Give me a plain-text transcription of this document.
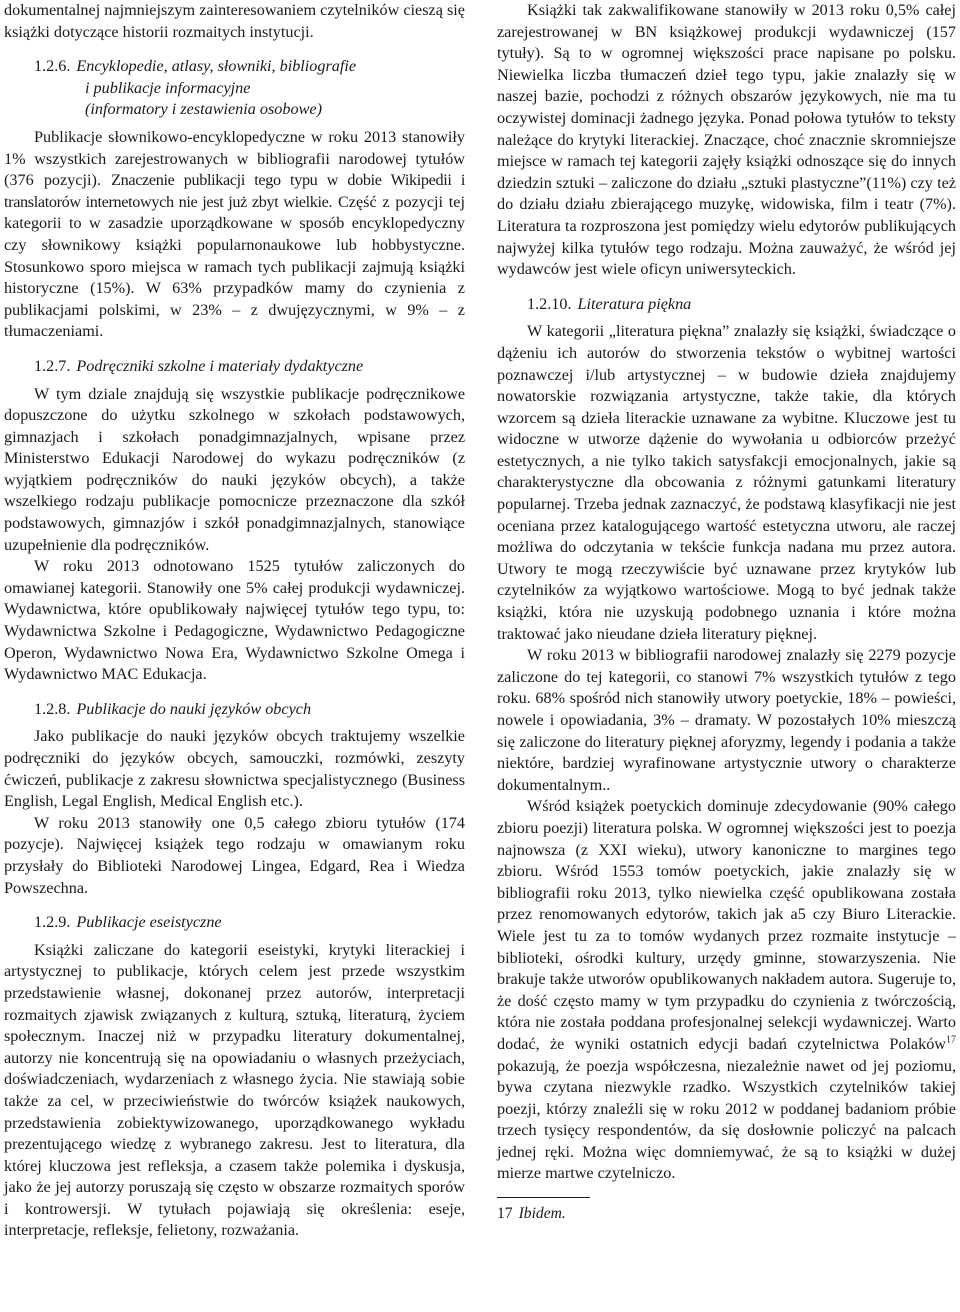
dokumentalnej najmniejszym zainteresowaniem czytelników cieszą się książki dotyczące historii rozmaitych instytucji.

1.2.6. Encyklopedie, atlasy, słowniki, bibliografie
i publikacje informacyjne
(informatory i zestawienia osobowe)

Publikacje słownikowo-encyklopedyczne w roku 2013 stanowiły 1% wszystkich zarejestrowanych w bibliografii narodowej tytułów (376 pozycji). Znaczenie publikacji tego typu w dobie Wikipedii i translatorów internetowych nie jest już zbyt wielkie. Część z pozycji tej kategorii to w zasadzie uporządkowane w sposób encyklopedyczny czy słownikowy książki popularnonaukowe lub hobbystyczne. Stosunkowo sporo miejsca w ramach tych publikacji zajmują książki historyczne (15%). W 63% przypadków mamy do czynienia z publikacjami polskimi, w 23% – z dwujęzycznymi, w 9% – z tłumaczeniami.

1.2.7. Podręczniki szkolne i materiały dydaktyczne

W tym dziale znajdują się wszystkie publikacje podręcznikowe dopuszczone do użytku szkolnego w szkołach podstawowych, gimnazjach i szkołach ponadgimnazjalnych, wpisane przez Ministerstwo Edukacji Narodowej do wykazu podręczników (z wyjątkiem podręczników do nauki języków obcych), a także wszelkiego rodzaju publikacje pomocnicze przeznaczone dla szkół podstawowych, gimnazjów i szkół ponadgimnazjalnych, stanowiące uzupełnienie dla podręczników.

W roku 2013 odnotowano 1525 tytułów zaliczonych do omawianej kategorii. Stanowiły one 5% całej produkcji wydawniczej. Wydawnictwa, które opublikowały najwięcej tytułów tego typu, to: Wydawnictwa Szkolne i Pedagogiczne, Wydawnictwo Pedagogiczne Operon, Wydawnictwo Nowa Era, Wydawnictwo Szkolne Omega i Wydawnictwo MAC Edukacja.

1.2.8. Publikacje do nauki języków obcych

Jako publikacje do nauki języków obcych traktujemy wszelkie podręczniki do języków obcych, samouczki, rozmówki, zeszyty ćwiczeń, publikacje z zakresu słownictwa specjalistycznego (Business English, Legal English, Medical English etc.).

W roku 2013 stanowiły one 0,5 całego zbioru tytułów (174 pozycje). Najwięcej książek tego rodzaju w omawianym roku przysłały do Biblioteki Narodowej Lingea, Edgard, Rea i Wiedza Powszechna.

1.2.9. Publikacje eseistyczne

Książki zaliczane do kategorii eseistyki, krytyki literackiej i artystycznej to publikacje, których celem jest przede wszystkim przedstawienie własnej, dokonanej przez autorów, interpretacji rozmaitych zjawisk związanych z kulturą, sztuką, literaturą, życiem społecznym. Inaczej niż w przypadku literatury dokumentalnej, autorzy nie koncentrują się na opowiadaniu o własnych przeżyciach, doświadczeniach, wydarzeniach z własnego życia. Nie stawiają sobie także za cel, w przeciwieństwie do twórców książek naukowych, przedstawienia zobiektywizowanego, uporządkowanego wykładu prezentującego wiedzę z wybranego zakresu. Jest to literatura, dla której kluczowa jest refleksja, a czasem także polemika i dyskusja, jako że jej autorzy poruszają się często w obszarze rozmaitych sporów i kontrowersji. W tytułach pojawiają się określenia: eseje, interpretacje, refleksje, felietony, rozważania.

Książki tak zakwalifikowane stanowiły w 2013 roku 0,5% całej zarejestrowanej w BN książkowej produkcji wydawniczej (157 tytuły). Są to w ogromnej większości prace napisane po polsku. Niewielka liczba tłumaczeń dzieł tego typu, jakie znalazły się w naszej bazie, pochodzi z różnych obszarów językowych, nie ma tu oczywistej dominacji żadnego języka. Ponad połowa tytułów to teksty należące do krytyki literackiej. Znaczące, choć znacznie skromniejsze miejsce w ramach tej kategorii zajęły książki odnoszące się do innych dziedzin sztuki – zaliczone do działu „sztuki plastyczne”(11%) czy też do działu działu zbierającego muzykę, widowiska, film i teatr (7%). Literatura ta rozproszona jest pomiędzy wielu edytorów publikujących najwyżej kilka tytułów tego rodzaju. Można zauważyć, że wśród jej wydawców jest wiele oficyn uniwersyteckich.

1.2.10. Literatura piękna

W kategorii „literatura piękna” znalazły się książki, świadczące o dążeniu ich autorów do stworzenia tekstów o wybitnej wartości poznawczej i/lub artystycznej – w budowie dzieła znajdujemy nowatorskie rozwiązania artystyczne, także takie, dla których wzorcem są dzieła literackie uznawane za wybitne. Kluczowe jest tu widoczne w utworze dążenie do wywołania u odbiorców przeżyć estetycznych, a nie tylko takich satysfakcji emocjonalnych, jakie są charakterystyczne dla obcowania z różnymi gatunkami literatury popularnej. Trzeba jednak zaznaczyć, że podstawą klasyfikacji nie jest oceniana przez katalogującego wartość estetyczna utworu, ale raczej możliwa do odczytania w tekście funkcja nadana mu przez autora. Utwory te mogą rzeczywiście być uznawane przez krytyków lub czytelników za wyjątkowo wartościowe. Mogą to być jednak także książki, która nie uzyskują podobnego uznania i które można traktować jako nieudane dzieła literatury pięknej.

W roku 2013 w bibliografii narodowej znalazły się 2279 pozycje zaliczone do tej kategorii, co stanowi 7% wszystkich tytułów z tego roku. 68% spośród nich stanowiły utwory poetyckie, 18% – powieści, nowele i opowiadania, 3% – dramaty. W pozostałych 10% mieszczą się zaliczone do literatury pięknej aforyzmy, legendy i podania a także niektóre, bardziej wyrafinowane artystycznie utwory o charakterze dokumentalnym..

Wśród książek poetyckich dominuje zdecydowanie (90% całego zbioru poezji) literatura polska. W ogromnej większości jest to poezja najnowsza (z XXI wieku), utwory kanoniczne to margines tego zbioru. Wśród 1553 tomów poetyckich, jakie znalazły się w bibliografii roku 2013, tylko niewielka część opublikowana została przez renomowanych edytorów, takich jak a5 czy Biuro Literackie. Wiele jest tu za to tomów wydanych przez rozmaite instytucje – biblioteki, ośrodki kultury, urzędy gminne, stowarzyszenia. Nie brakuje także utworów opublikowanych nakładem autora. Sugeruje to, że dość często mamy w tym przypadku do czynienia z twórczością, która nie została poddana profesjonalnej selekcji wydawniczej. Warto dodać, że wyniki ostatnich edycji badań czytelnictwa Polaków$^{17}$ pokazują, że poezja współczesna, niezależnie nawet od jej poziomu, bywa czytana niezwykle rzadko. Wszystkich czytelników takiej poezji, którzy znaleźli się w roku 2012 w poddanej badaniom próbie trzech tysięcy respondentów, da się dosłownie policzyć na palcach jednej ręki. Można więc domniemywać, że są to książki w dużej mierze martwe czytelniczo.

17 Ibidem.
